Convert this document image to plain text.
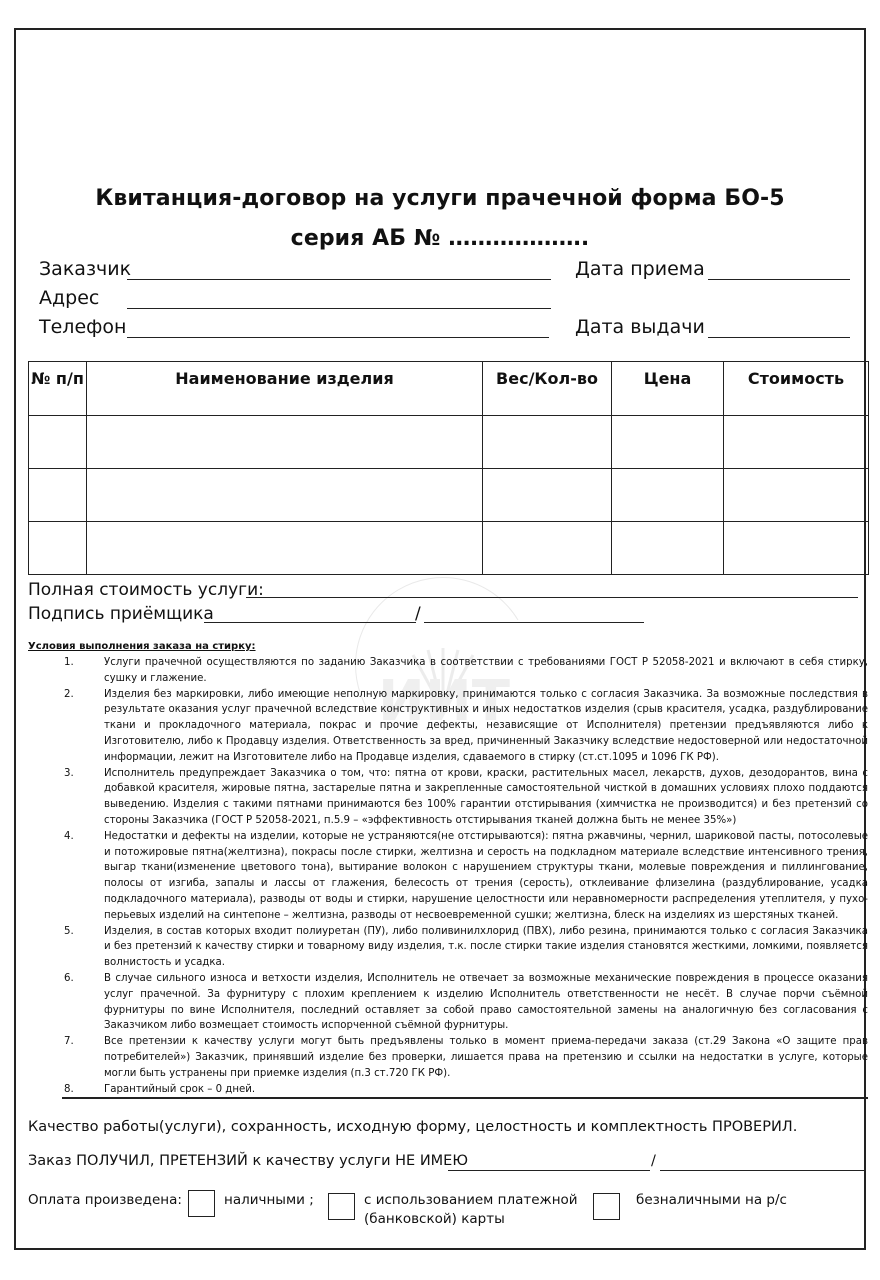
ИИТ
Квитанция-договор на услуги прачечной форма БО-5
серия АБ № ……………….
Заказчик	Дата приема
Адрес
Телефон	Дата выдачи
№ п/п	Наименование изделия	Вес/Кол-во	Цена	Стоимость

Полная стоимость услуги:
Подпись приёмщика	/
Условия выполнения заказа на стирку:
1.	Услуги прачечной осуществляются по заданию Заказчика в соответствии с требованиями ГОСТ Р 52058-2021 и включают в себя стирку, сушку и глажение.
2.	Изделия без маркировки, либо имеющие неполную маркировку, принимаются только с согласия Заказчика. За возможные последствия в результате оказания услуг прачечной вследствие конструктивных и иных недостатков изделия (срыв красителя, усадка, раздублирование ткани и прокладочного материала, покрас и прочие дефекты, независящие от Исполнителя) претензии предъявляются либо к Изготовителю, либо к Продавцу изделия. Ответственность за вред, причиненный Заказчику вследствие недостоверной или недостаточной информации, лежит на Изготовителе либо на Продавце изделия, сдаваемого в стирку (ст.ст.1095 и 1096 ГК РФ).
3.	Исполнитель предупреждает Заказчика о том, что: пятна от крови, краски, растительных масел, лекарств, духов, дезодорантов, вина с добавкой красителя, жировые пятна, застарелые пятна и закрепленные самостоятельной чисткой в домашних условиях плохо поддаются выведению. Изделия с такими пятнами принимаются без 100% гарантии отстирывания (химчистка не производится) и без претензий со стороны Заказчика (ГОСТ Р 52058-2021, п.5.9 – «эффективность отстирывания тканей должна быть не менее 35%»)
4.	Недостатки и дефекты на изделии, которые не устраняются(не отстирываются): пятна ржавчины, чернил, шариковой пасты, потосолевые и потожировые пятна(желтизна), покрасы после стирки, желтизна и серость на подкладном материале вследствие интенсивного трения, выгар ткани(изменение цветового тона), вытирание волокон с нарушением структуры ткани, молевые повреждения и пиллингование, полосы от изгиба, запалы и лассы от глажения, белесость от трения (серость), отклеивание флизелина (раздублирование, усадка подкладочного материала), разводы от воды и стирки, нарушение целостности или неравномерности распределения утеплителя, у пухо-перьевых изделий на синтепоне – желтизна, разводы от несвоевременной сушки; желтизна, блеск на изделиях из шерстяных тканей.
5.	Изделия, в состав которых входит полиуретан (ПУ), либо поливинилхлорид (ПВХ), либо резина, принимаются только с согласия Заказчика и без претензий к качеству стирки и товарному виду изделия, т.к. после стирки такие изделия становятся жесткими, ломкими, появляется волнистость и усадка.
6.	В случае сильного износа и ветхости изделия, Исполнитель не отвечает за возможные механические повреждения в процессе оказания услуг прачечной. За фурнитуру с плохим креплением к изделию Исполнитель ответственности не несёт. В случае порчи съёмной фурнитуры по вине Исполнителя, последний оставляет за собой право самостоятельной замены на аналогичную без согласования с Заказчиком либо возмещает стоимость испорченной съёмной фурнитуры.
7.	Все претензии к качеству услуги могут быть предъявлены только в момент приема-передачи заказа (ст.29 Закона «О защите прав потребителей») Заказчик, принявший изделие без проверки, лишается права на претензию и ссылки на недостатки в услуге, которые могли быть устранены при приемке изделия (п.3 ст.720 ГК РФ).
8.	Гарантийный срок – 0 дней.
Качество работы(услуги), сохранность, исходную форму, целостность и комплектность ПРОВЕРИЛ.
Заказ ПОЛУЧИЛ, ПРЕТЕНЗИЙ к качеству услуги НЕ ИМЕЮ	/
Оплата произведена:	наличными ;	с использованием платежной (банковской) карты
безналичными на р/с
